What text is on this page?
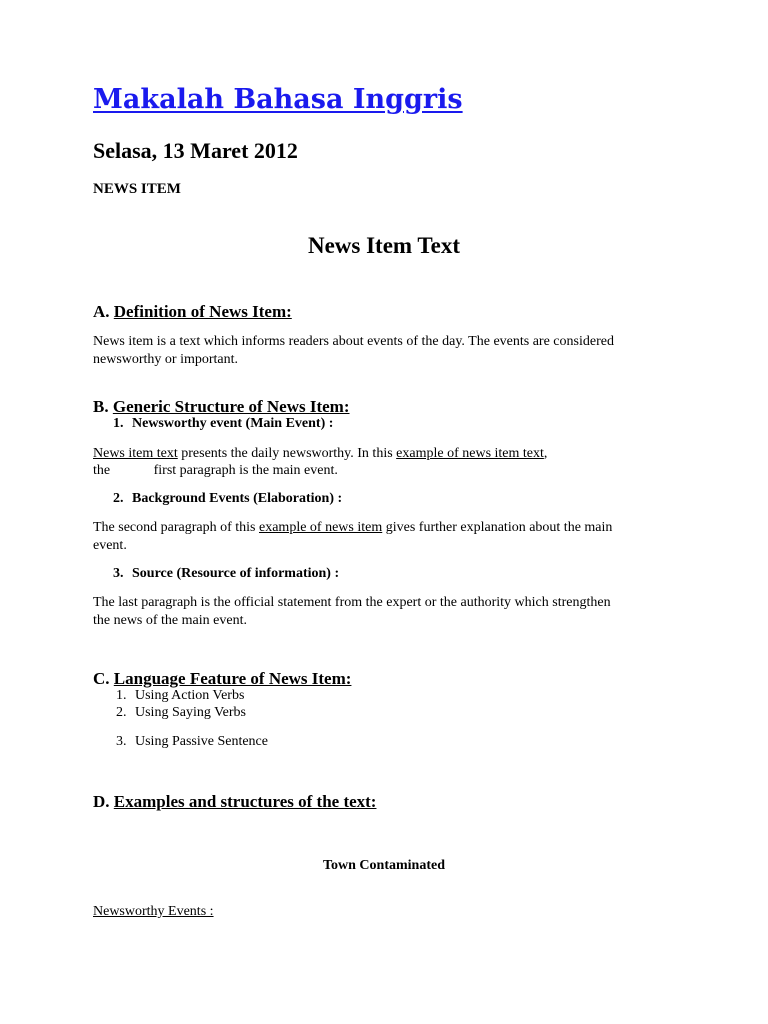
Makalah Bahasa Inggris
Selasa, 13 Maret 2012
NEWS ITEM
News Item Text
A. Definition of News Item:
News item is a text which informs readers about events of the day. The events are considered
newsworthy or important.
B. Generic Structure of News Item:
1. Newsworthy event (Main Event) :
News item text presents the daily newsworthy. In this example of news item text,
the	first paragraph is the main event.
2. Background Events (Elaboration) :
The second paragraph of this example of news item gives further explanation about the main
event.
3. Source (Resource of information) :
The last paragraph is the official statement from the expert or the authority which strengthen
the news of the main event.
C. Language Feature of News Item:
1. Using Action Verbs
2. Using Saying Verbs
3. Using Passive Sentence
D. Examples and structures of the text:
Town Contaminated
Newsworthy Events :
